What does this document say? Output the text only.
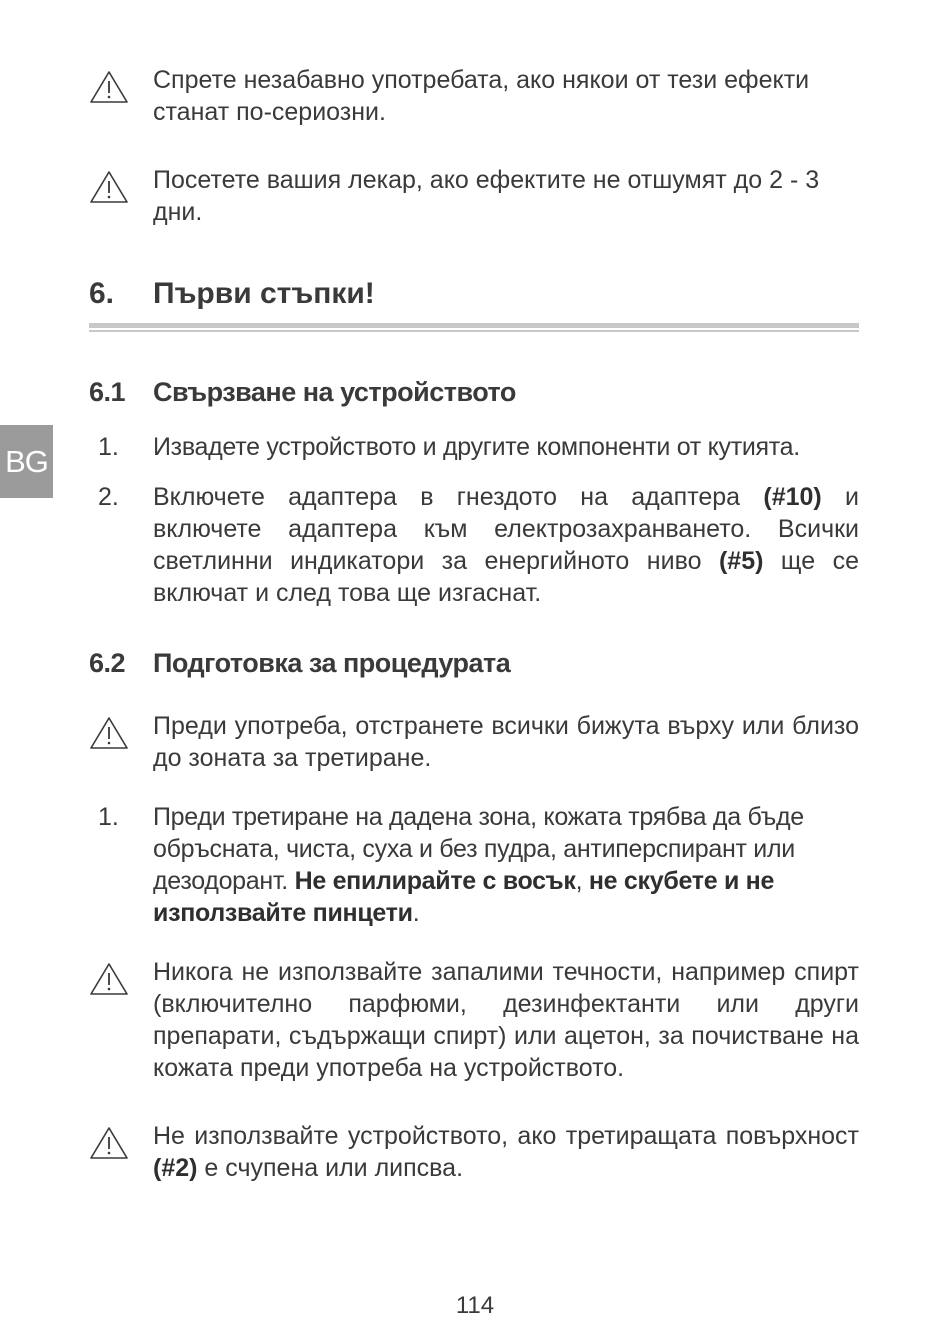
BG
Спрете незабавно употребата, ако някои от тези ефекти станат по-сериозни.
Посетете вашия лекар, ако ефектите не отшумят до 2 - 3 дни.
6. Първи стъпки!
6.1 Свързване на устройството
1. Извадете устройството и другите компоненти от кутията.
2. Включете адаптера в гнездото на адаптера (#10) и включете адаптера към електрозахранването. Всички светлинни индикатори за енергийното ниво (#5) ще се включат и след това ще изгаснат.
6.2 Подготовка за процедурата
Преди употреба, отстранете всички бижута върху или близо до зоната за третиране.
1. Преди третиране на дадена зона, кожата трябва да бъде обръсната, чиста, суха и без пудра, антиперспирант или дезодорант. Не епилирайте с восък, не скубете и не използвайте пинцети.
Никога не използвайте запалими течности, например спирт (включително парфюми, дезинфектанти или други препарати, съдържащи спирт) или ацетон, за почистване на кожата преди употреба на устройството.
Не използвайте устройството, ако третиращата повърхност (#2) е счупена или липсва.
114
